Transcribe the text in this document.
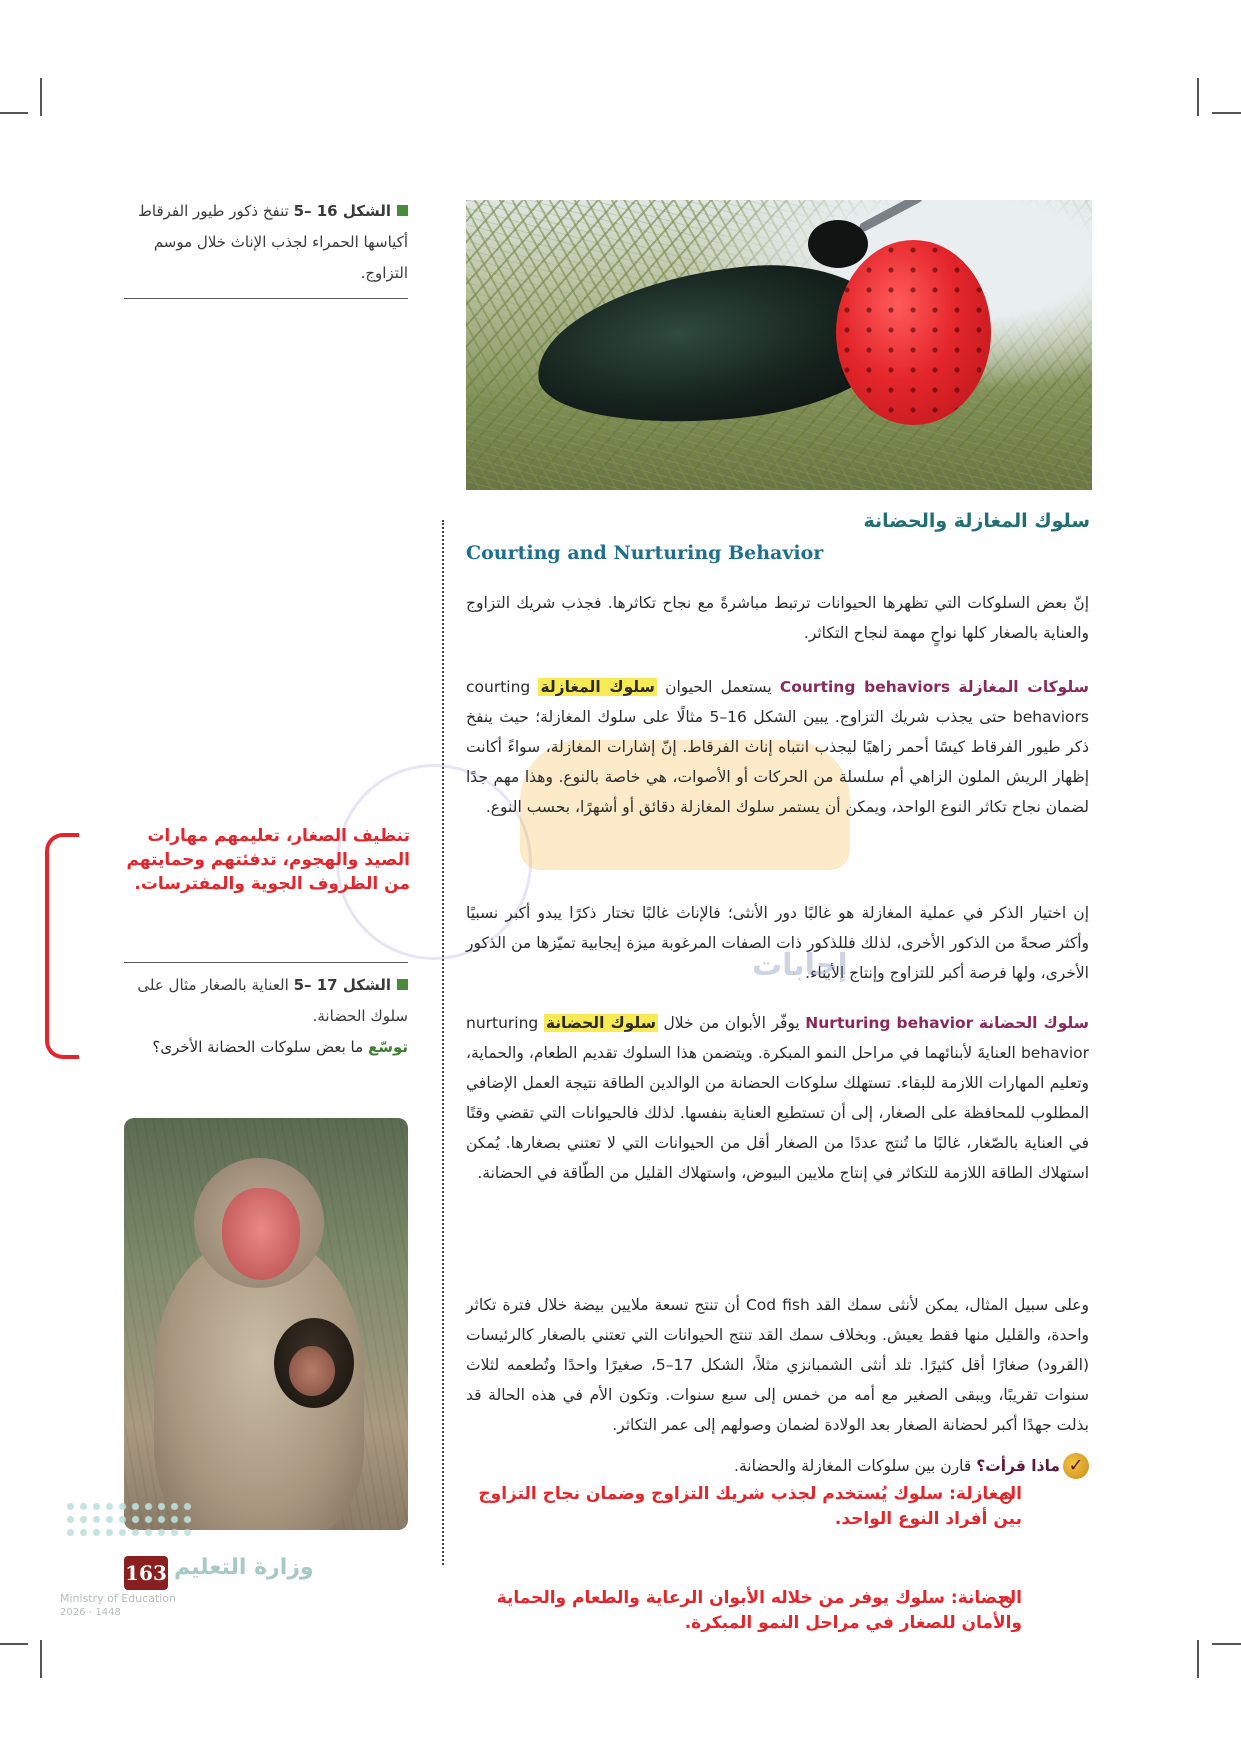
الشكل 16 –5 تنفخ ذكور طيور الفرقاط أكياسها الحمراء لجذب الإناث خلال موسم التزاوج.
تنظيف الصغار، تعليمهم مهارات الصيد والهجوم، تدفئتهم وحمايتهم من الظروف الجوية والمفترسات.
الشكل 17 –5 العناية بالصغار مثال على سلوك الحضانة.
توسّع ما بعض سلوكات الحضانة الأخرى؟
سلوك المغازلة والحضانة
Courting and Nurturing Behavior
إنّ بعض السلوكات التي تظهرها الحيوانات ترتبط مباشرةً مع نجاح تكاثرها. فجذب شريك التزاوج والعناية بالصغار كلها نواحٍ مهمة لنجاح التكاثر.
سلوكات المغازلة Courting behaviors يستعمل الحيوان سلوك المغازلة courting behaviors حتى يجذب شريك التزاوج. يبين الشكل 16–5 مثالًا على سلوك المغازلة؛ حيث ينفخ ذكر طيور الفرقاط كيسًا أحمر زاهيًا ليجذب انتباه إناث الفرقاط. إنّ إشارات المغازلة، سواءً أكانت إظهار الريش الملون الزاهي أم سلسلة من الحركات أو الأصوات، هي خاصة بالنوع. وهذا مهم جدًا لضمان نجاح تكاثر النوع الواحد، ويمكن أن يستمر سلوك المغازلة دقائق أو أشهرًا، بحسب النوع.
إن اختيار الذكر في عملية المغازلة هو غالبًا دور الأنثى؛ فالإناث غالبًا تختار ذكرًا يبدو أكبر نسبيًا وأكثر صحةً من الذكور الأخرى، لذلك فللذكور ذات الصفات المرغوبة ميزة إيجابية تميّزها من الذكور الأخرى، ولها فرصة أكبر للتزاوج وإنتاج الأبناء.
سلوك الحضانة Nurturing behavior يوفّر الأبوان من خلال سلوك الحضانة nurturing behavior العنايةَ لأبنائهما في مراحل النمو المبكرة. ويتضمن هذا السلوك تقديم الطعام، والحماية، وتعليم المهارات اللازمة للبقاء. تستهلك سلوكات الحضانة من الوالدين الطاقة نتيجة العمل الإضافي المطلوب للمحافظة على الصغار، إلى أن تستطيع العناية بنفسها. لذلك فالحيوانات التي تقضي وقتًا في العناية بالصّغار، غالبًا ما تُنتج عددًا من الصغار أقل من الحيوانات التي لا تعتني بصغارها. يُمكن استهلاك الطاقة اللازمة للتكاثر في إنتاج ملايين البيوض، واستهلاك القليل من الطّاقة في الحضانة.
وعلى سبيل المثال، يمكن لأنثى سمك القد Cod fish أن تنتج تسعة ملايين بيضة خلال فترة تكاثر واحدة، والقليل منها فقط يعيش. وبخلاف سمك القد تنتج الحيوانات التي تعتني بالصغار كالرئيسات (القرود) صغارًا أقل كثيرًا. تلد أنثى الشمبانزي مثلاً، الشكل 17–5، صغيرًا واحدًا وتُطعمه لثلاث سنوات تقريبًا، ويبقى الصغير مع أمه من خمس إلى سبع سنوات. وتكون الأم في هذه الحالة قد بذلت جهدًا أكبر لحضانة الصغار بعد الولادة لضمان وصولهم إلى عمر التكاثر.
✓
ماذا قرأت؟ قارن بين سلوكات المغازلة والحضانة.
المغازلة: سلوك يُستخدم لجذب شريك التزاوج وضمان نجاح التزاوج بين أفراد النوع الواحد.
الحضانة: سلوك يوفر من خلاله الأبوان الرعاية والطعام والحماية والأمان للصغار في مراحل النمو المبكرة.
163 وزارة التعليم
Ministry of Education
2026 - 1448
إجابات
